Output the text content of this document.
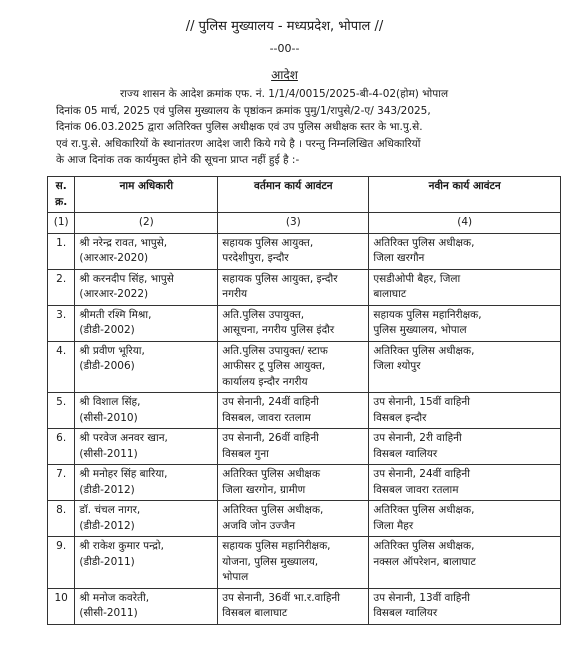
// पुलिस मुख्यालय - मध्यप्रदेश, भोपाल //
--00--
आदेश
राज्य शासन के आदेश क्रमांक एफ. नं. 1/1/4/0015/2025-बी-4-02(होम) भोपाल
दिनांक 05 मार्च, 2025 एवं पुलिस मुख्यालय के पृष्ठांकन क्रमांक पुमु/1/रापुसे/2-ए/ 343/2025,
दिनांक 06.03.2025 द्वारा अतिरिक्त पुलिस अधीक्षक एवं उप पुलिस अधीक्षक स्तर के भा.पु.से.
एवं रा.पु.से. अधिकारियों के स्थानांतरण आदेश जारी किये गये है । परन्तु निम्नलिखित अधिकारियों
के आज दिनांक तक कार्यमुक्त होने की सूचना प्राप्त नहीं हुई है :-
स. क्र.	नाम अधिकारी	वर्तमान कार्य आवंटन	नवीन कार्य आवंटन
(1)	(2)	(3)	(4)
1.	श्री नरेन्द्र रावत, भापुसे,
(आरआर-2020)	सहायक पुलिस आयुक्त,
परदेशीपुरा, इन्दौर	अतिरिक्त पुलिस अधीक्षक,
जिला खरगौन

2.	श्री करनदीप सिंह, भापुसे
(आरआर-2022)	सहायक पुलिस आयुक्त, इन्दौर
नगरीय	एसडीओपी बैहर, जिला
बालाघाट

3.	श्रीमती रश्मि मिश्रा,
(डीडी-2002)	अति.पुलिस उपायुक्त,
आसूचना, नगरीय पुलिस इंदौर	सहायक पुलिस महानिरीक्षक,
पुलिस मुख्यालय, भोपाल

4.	श्री प्रवीण भूरिया,
(डीडी-2006)	अति.पुलिस उपायुक्त/ स्टाफ
आफीसर टू पुलिस आयुक्त,
कार्यालय इन्दौर नगरीय	अतिरिक्त पुलिस अधीक्षक,
जिला श्योपुर

5.	श्री विशाल सिंह,
(सीसी-2010)	उप सेनानी, 24वीं वाहिनी
विसबल, जावरा रतलाम	उप सेनानी, 15वीं वाहिनी
विसबल इन्दौर

6.	श्री परवेज अनवर खान,
(सीसी-2011)	उप सेनानी, 26वीं वाहिनी
विसबल गुना	उप सेनानी, 2री वाहिनी
विसबल ग्वालियर

7.	श्री मनोहर सिंह बारिया,
(डीडी-2012)	अतिरिक्त पुलिस अधीक्षक
जिला खरगोन, ग्रामीण	उप सेनानी, 24वीं वाहिनी
विसबल जावरा रतलाम

8.	डॉ. चंचल नागर,
(डीडी-2012)	अतिरिक्त पुलिस अधीक्षक,
अजवि जोन उज्जैन	अतिरिक्त पुलिस अधीक्षक,
जिला मैहर

9.	श्री राकेश कुमार पन्द्रो,
(डीडी-2011)	सहायक पुलिस महानिरीक्षक,
योजना, पुलिस मुख्यालय,
भोपाल	अतिरिक्त पुलिस अधीक्षक,
नक्सल ऑपरेशन, बालाघाट

10	श्री मनोज कवरेती,
(सीसी-2011)	उप सेनानी, 36वीं भा.र.वाहिनी
विसबल बालाघाट	उप सेनानी, 13वीं वाहिनी
विसबल ग्वालियर
